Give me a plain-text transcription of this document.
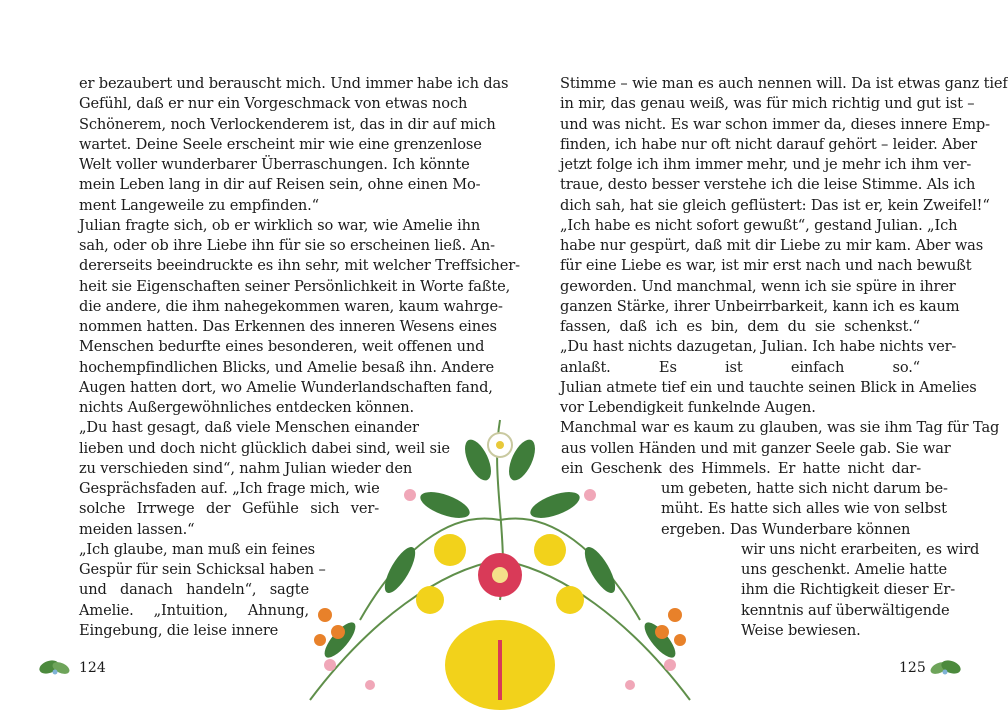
er bezaubert und berauscht mich. Und immer habe ich das
Gefühl, daß er nur ein Vorgeschmack von etwas noch
Schönerem, noch Verlockenderem ist, das in dir auf mich
wartet. Deine Seele erscheint mir wie eine grenzenlose
Welt voller wunderbarer Überraschungen. Ich könnte
mein Leben lang in dir auf Reisen sein, ohne einen Mo-
ment Langeweile zu empfinden.“
Julian fragte sich, ob er wirklich so war, wie Amelie ihn
sah, oder ob ihre Liebe ihn für sie so erscheinen ließ. An-
dererseits beeindruckte es ihn sehr, mit welcher Treffsicher-
heit sie Eigenschaften seiner Persönlichkeit in Worte faßte,
die andere, die ihm nahegekommen waren, kaum wahrge-
nommen hatten. Das Erkennen des inneren Wesens eines
Menschen bedurfte eines besonderen, weit offenen und
hochempfindlichen Blicks, und Amelie besaß ihn. Andere
Augen hatten dort, wo Amelie Wunderlandschaften fand,
nichts Außergewöhnliches entdecken können.
„Du hast gesagt, daß viele Menschen einander
lieben und doch nicht glücklich dabei sind, weil sie
zu verschieden sind“, nahm Julian wieder den
Gesprächsfaden auf. „Ich frage mich, wie
solche Irrwege der Gefühle sich ver-
meiden lassen.“
„Ich glaube, man muß ein feines
Gespür für sein Schicksal haben –
und danach handeln“, sagte
Amelie. „Intuition, Ahnung,
Eingebung, die leise innere
Stimme – wie man es auch nennen will. Da ist etwas ganz tief
in mir, das genau weiß, was für mich richtig und gut ist –
und was nicht. Es war schon immer da, dieses innere Emp-
finden, ich habe nur oft nicht darauf gehört – leider. Aber
jetzt folge ich ihm immer mehr, und je mehr ich ihm ver-
traue, desto besser verstehe ich die leise Stimme. Als ich
dich sah, hat sie gleich geflüstert: Das ist er, kein Zweifel!“
„Ich habe es nicht sofort gewußt“, gestand Julian. „Ich
habe nur gespürt, daß mit dir Liebe zu mir kam. Aber was
für eine Liebe es war, ist mir erst nach und nach bewußt
geworden. Und manchmal, wenn ich sie spüre in ihrer
ganzen Stärke, ihrer Unbeirrbarkeit, kann ich es kaum
fassen, daß ich es bin, dem du sie schenkst.“
„Du hast nichts dazugetan, Julian. Ich habe nichts ver-
anlaßt. Es ist einfach so.“
Julian atmete tief ein und tauchte seinen Blick in Amelies
vor Lebendigkeit funkelnde Augen.
Manchmal war es kaum zu glauben, was sie ihm Tag für Tag
aus vollen Händen und mit ganzer Seele gab. Sie war
ein Geschenk des Himmels. Er hatte nicht dar-
um gebeten, hatte sich nicht darum be-
müht. Es hatte sich alles wie von selbst
ergeben. Das Wunderbare können
wir uns nicht erarbeiten, es wird
uns geschenkt. Amelie hatte
ihm die Richtigkeit dieser Er-
kenntnis auf überwältigende
Weise bewiesen.
124	125
